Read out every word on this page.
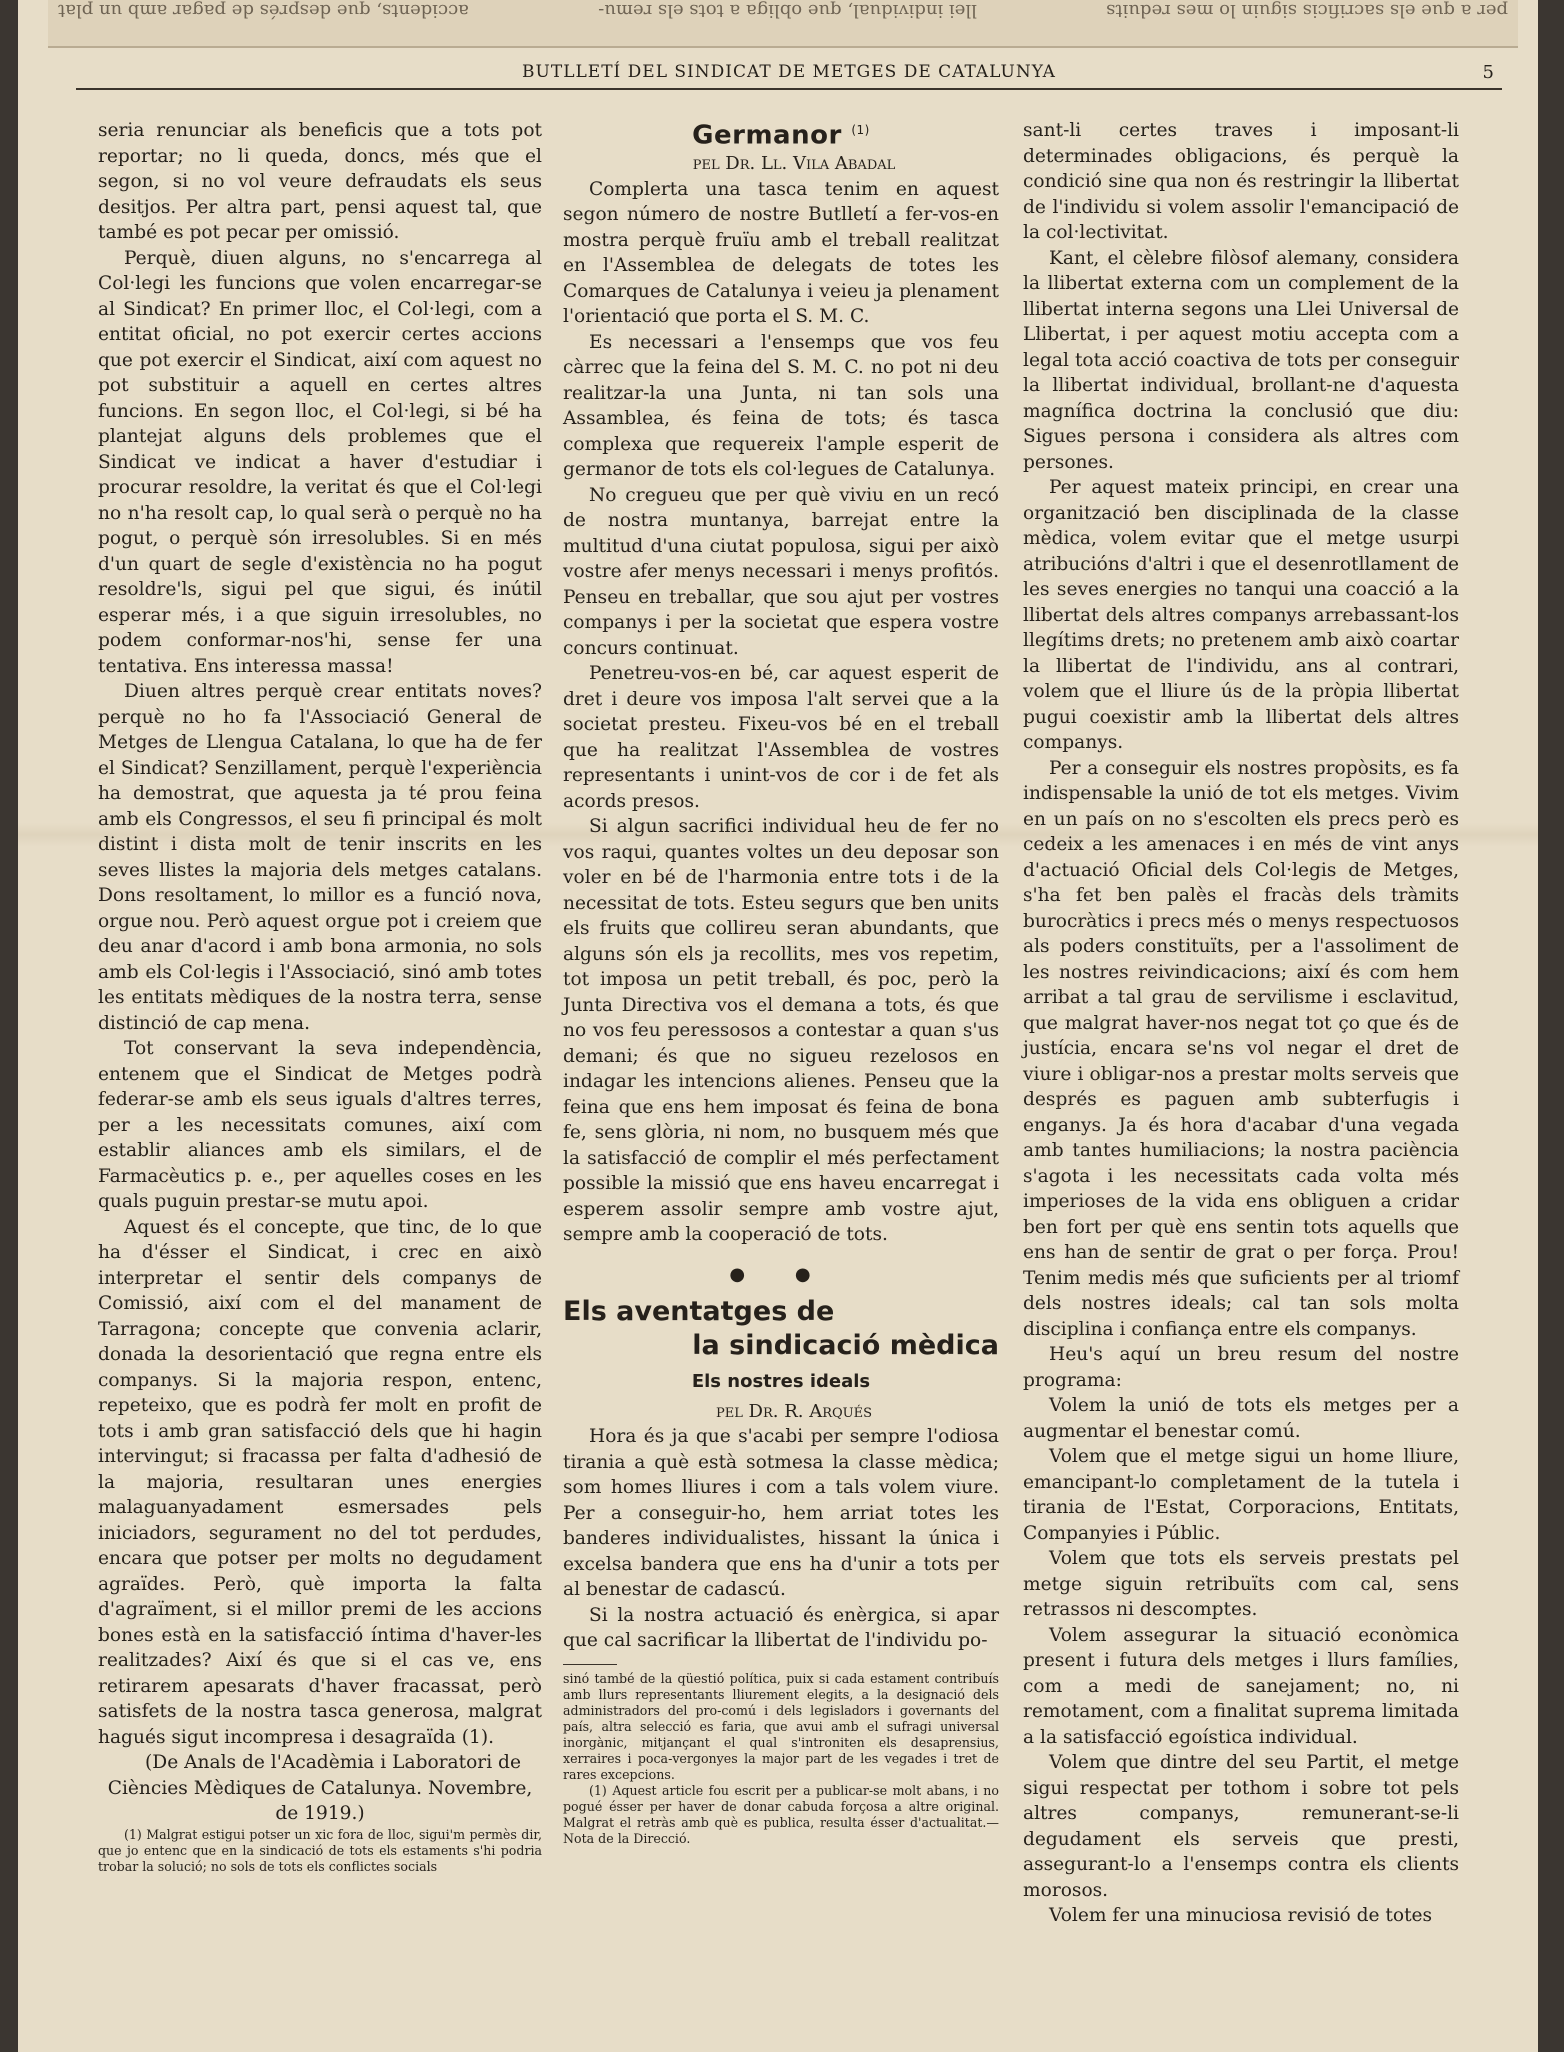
per a que els sacrificis siguin lo mes reduits
llei individual, que obliga a tots els remu-
accidents, que després de pagar amb un plat
BUTLLETÍ DEL SINDICAT DE METGES DE CATALUNYA	5

seria renunciar als beneficis que a tots pot reportar; no li queda, doncs, més que el segon, si no vol veure defraudats els seus desitjos. Per altra part, pensi aquest tal, que també es pot pecar per omissió.

Perquè, diuen alguns, no s'encarrega al Col·legi les funcions que volen encarregar-se al Sindicat? En primer lloc, el Col·legi, com a entitat oficial, no pot exercir certes accions que pot exercir el Sindicat, així com aquest no pot substituir a aquell en certes altres funcions. En segon lloc, el Col·legi, si bé ha plantejat alguns dels problemes que el Sindicat ve indicat a haver d'estudiar i procurar resoldre, la veritat és que el Col·legi no n'ha resolt cap, lo qual serà o perquè no ha pogut, o perquè són irresolubles. Si en més d'un quart de segle d'existència no ha pogut resoldre'ls, sigui pel que sigui, és inútil esperar més, i a que siguin irresolubles, no podem conformar-nos'hi, sense fer una tentativa. Ens interessa massa!

Diuen altres perquè crear entitats noves? perquè no ho fa l'Associació General de Metges de Llengua Catalana, lo que ha de fer el Sindicat? Senzillament, perquè l'experiència ha demostrat, que aquesta ja té prou feina amb els Congressos, el seu fi principal és molt distint i dista molt de tenir inscrits en les seves llistes la majoria dels metges catalans. Dons resoltament, lo millor es a funció nova, orgue nou. Però aquest orgue pot i creiem que deu anar d'acord i amb bona armonia, no sols amb els Col·legis i l'Associació, sinó amb totes les entitats mèdiques de la nostra terra, sense distinció de cap mena.

Tot conservant la seva independència, entenem que el Sindicat de Metges podrà federar-se amb els seus iguals d'altres terres, per a les necessitats comunes, així com establir aliances amb els similars, el de Farmacèutics p. e., per aquelles coses en les quals puguin prestar-se mutu apoi.

Aquest és el concepte, que tinc, de lo que ha d'ésser el Sindicat, i crec en això interpretar el sentir dels companys de Comissió, així com el del manament de Tarragona; concepte que convenia aclarir, donada la desorientació que regna entre els companys. Si la majoria respon, entenc, repeteixo, que es podrà fer molt en profit de tots i amb gran satisfacció dels que hi hagin intervingut; si fracassa per falta d'adhesió de la majoria, resultaran unes energies malaguanyadament esmersades pels iniciadors, segurament no del tot perdudes, encara que potser per molts no degudament agraïdes. Però, què importa la falta d'agraïment, si el millor premi de les accions bones està en la satisfacció íntima d'haver-les realitzades? Així és que si el cas ve, ens retirarem apesarats d'haver fracassat, però satisfets de la nostra tasca generosa, malgrat hagués sigut incompresa i desagraïda (1).

(De Anals de l'Acadèmia i Laboratori de Ciències Mèdiques de Catalunya. Novembre, de 1919.)

(1) Malgrat estigui potser un xic fora de lloc, sigui'm permès dir, que jo entenc que en la sindicació de tots els estaments s'hi podria trobar la solució; no sols de tots els conflictes socials

Germanor $^{(1)}$

pel Dr. Ll. Vila Abadal

Complerta una tasca tenim en aquest segon número de nostre Butlletí a fer-vos-en mostra perquè fruïu amb el treball realitzat en l'Assemblea de delegats de totes les Comarques de Catalunya i veieu ja plenament l'orientació que porta el S. M. C.

Es necessari a l'ensemps que vos feu càrrec que la feina del S. M. C. no pot ni deu realitzar-la una Junta, ni tan sols una Assamblea, és feina de tots; és tasca complexa que requereix l'ample esperit de germanor de tots els col·legues de Catalunya.

No cregueu que per què viviu en un recó de nostra muntanya, barrejat entre la multitud d'una ciutat populosa, sigui per això vostre afer menys necessari i menys profitós. Penseu en treballar, que sou ajut per vostres companys i per la societat que espera vostre concurs continuat.

Penetreu-vos-en bé, car aquest esperit de dret i deure vos imposa l'alt servei que a la societat presteu. Fixeu-vos bé en el treball que ha realitzat l'Assemblea de vostres representants i unint-vos de cor i de fet als acords presos.

Si algun sacrifici individual heu de fer no vos raqui, quantes voltes un deu deposar son voler en bé de l'harmonia entre tots i de la necessitat de tots. Esteu segurs que ben units els fruits que collireu seran abundants, que alguns són els ja recollits, mes vos repetim, tot imposa un petit treball, és poc, però la Junta Directiva vos el demana a tots, és que no vos feu peressosos a contestar a quan s'us demani; és que no sigueu rezelosos en indagar les intencions alienes. Penseu que la feina que ens hem imposat és feina de bona fe, sens glòria, ni nom, no busquem més que la satisfacció de complir el més perfectament possible la missió que ens haveu encarregat i esperem assolir sempre amb vostre ajut, sempre amb la cooperació de tots.

● ●
Els aventatges de
la sindicació mèdica
Els nostres ideals

pel Dr. R. Arqués

Hora és ja que s'acabi per sempre l'odiosa tirania a què està sotmesa la classe mèdica; som homes lliures i com a tals volem viure. Per a conseguir-ho, hem arriat totes les banderes individualistes, hissant la única i excelsa bandera que ens ha d'unir a tots per al benestar de cadascú.

Si la nostra actuació és enèrgica, si apar que cal sacrificar la llibertat de l'individu po-

sinó també de la qüestió política, puix si cada estament contribuís amb llurs representants lliurement elegits, a la designació dels administradors del pro-comú i dels legisladors i governants del país, altra selecció es faria, que avui amb el sufragi universal inorgànic, mitjançant el qual s'introniten els desaprensius, xerraires i poca-vergonyes la major part de les vegades i tret de rares excepcions.

(1) Aquest article fou escrit per a publicar-se molt abans, i no pogué ésser per haver de donar cabuda forçosa a altre original. Malgrat el retràs amb què es publica, resulta ésser d'actualitat.—Nota de la Direcció.

sant-li certes traves i imposant-li determinades obligacions, és perquè la condició sine qua non és restringir la llibertat de l'individu si volem assolir l'emancipació de la col·lectivitat.

Kant, el cèlebre filòsof alemany, considera la llibertat externa com un complement de la llibertat interna segons una Llei Universal de Llibertat, i per aquest motiu accepta com a legal tota acció coactiva de tots per conseguir la llibertat individual, brollant-ne d'aquesta magnífica doctrina la conclusió que diu: Sigues persona i considera als altres com persones.

Per aquest mateix principi, en crear una organització ben disciplinada de la classe mèdica, volem evitar que el metge usurpi atribucións d'altri i que el desenrotllament de les seves energies no tanqui una coacció a la llibertat dels altres companys arrebassant-los llegítims drets; no pretenem amb això coartar la llibertat de l'individu, ans al contrari, volem que el lliure ús de la pròpia llibertat pugui coexistir amb la llibertat dels altres companys.

Per a conseguir els nostres propòsits, es fa indispensable la unió de tot els metges. Vivim en un país on no s'escolten els precs però es cedeix a les amenaces i en més de vint anys d'actuació Oficial dels Col·legis de Metges, s'ha fet ben palès el fracàs dels tràmits burocràtics i precs més o menys respectuosos als poders constituïts, per a l'assoliment de les nostres reivindicacions; així és com hem arribat a tal grau de servilisme i esclavitud, que malgrat haver-nos negat tot ço que és de justícia, encara se'ns vol negar el dret de viure i obligar-nos a prestar molts serveis que després es paguen amb subterfugis i enganys. Ja és hora d'acabar d'una vegada amb tantes humiliacions; la nostra paciència s'agota i les necessitats cada volta més imperioses de la vida ens obliguen a cridar ben fort per què ens sentin tots aquells que ens han de sentir de grat o per força. Prou! Tenim medis més que suficients per al triomf dels nostres ideals; cal tan sols molta disciplina i confiança entre els companys.

Heu's aquí un breu resum del nostre programa:

Volem la unió de tots els metges per a augmentar el benestar comú.

Volem que el metge sigui un home lliure, emancipant-lo completament de la tutela i tirania de l'Estat, Corporacions, Entitats, Companyies i Públic.

Volem que tots els serveis prestats pel metge siguin retribuïts com cal, sens retrassos ni descomptes.

Volem assegurar la situació econòmica present i futura dels metges i llurs famílies, com a medi de sanejament; no, ni remotament, com a finalitat suprema limitada a la satisfacció egoística individual.

Volem que dintre del seu Partit, el metge sigui respectat per tothom i sobre tot pels altres companys, remunerant-se-li degudament els serveis que presti, assegurant-lo a l'ensemps contra els clients morosos.

Volem fer una minuciosa revisió de totes
